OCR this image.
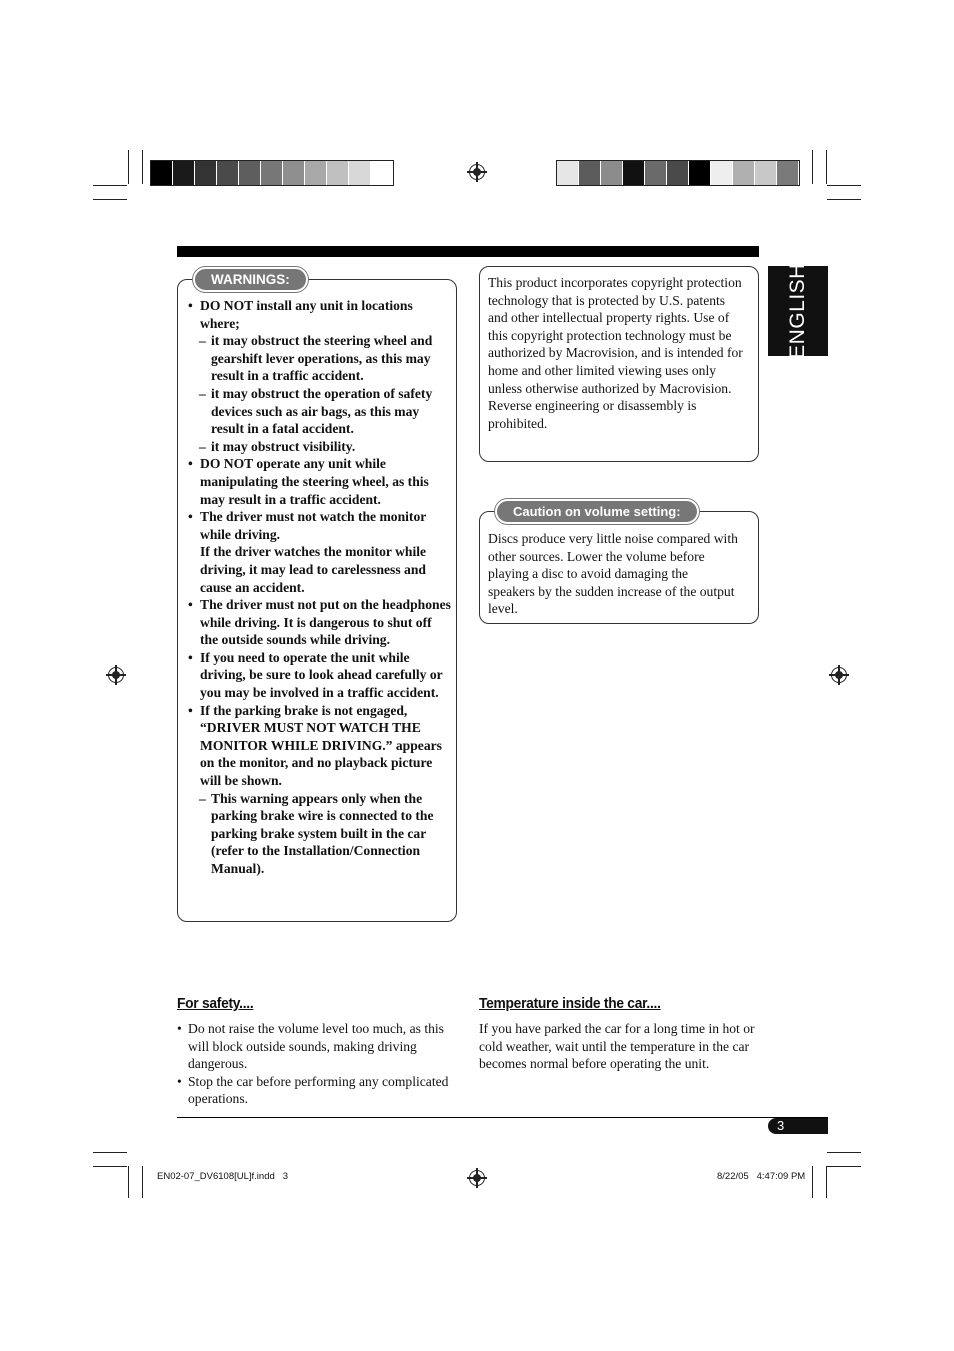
ENGLISH
WARNINGS:
• DO NOT install any unit in locations where;
– it may obstruct the steering wheel and gearshift lever operations, as this may result in a traffic accident.
– it may obstruct the operation of safety devices such as air bags, as this may result in a fatal accident.
– it may obstruct visibility.
• DO NOT operate any unit while manipulating the steering wheel, as this may result in a traffic accident.
• The driver must not watch the monitor while driving.
If the driver watches the monitor while driving, it may lead to carelessness and cause an accident.
• The driver must not put on the headphones while driving. It is dangerous to shut off the outside sounds while driving.
• If you need to operate the unit while driving, be sure to look ahead carefully or you may be involved in a traffic accident.
• If the parking brake is not engaged, “DRIVER MUST NOT WATCH THE MONITOR WHILE DRIVING.” appears on the monitor, and no playback picture will be shown.
– This warning appears only when the parking brake wire is connected to the parking brake system built in the car (refer to the Installation/Connection Manual).
This product incorporates copyright protection technology that is protected by U.S. patents and other intellectual property rights. Use of this copyright protection technology must be authorized by Macrovision, and is intended for home and other limited viewing uses only unless otherwise authorized by Macrovision. Reverse engineering or disassembly is prohibited.
Caution on volume setting:
Discs produce very little noise compared with other sources. Lower the volume before playing a disc to avoid damaging the speakers by the sudden increase of the output level.
For safety....
• Do not raise the volume level too much, as this will block outside sounds, making driving dangerous.
• Stop the car before performing any complicated operations.
Temperature inside the car....
If you have parked the car for a long time in hot or cold weather, wait until the temperature in the car becomes normal before operating the unit.
3
EN02-07_DV6108[UL]f.indd   3	8/22/05   4:47:09 PM
